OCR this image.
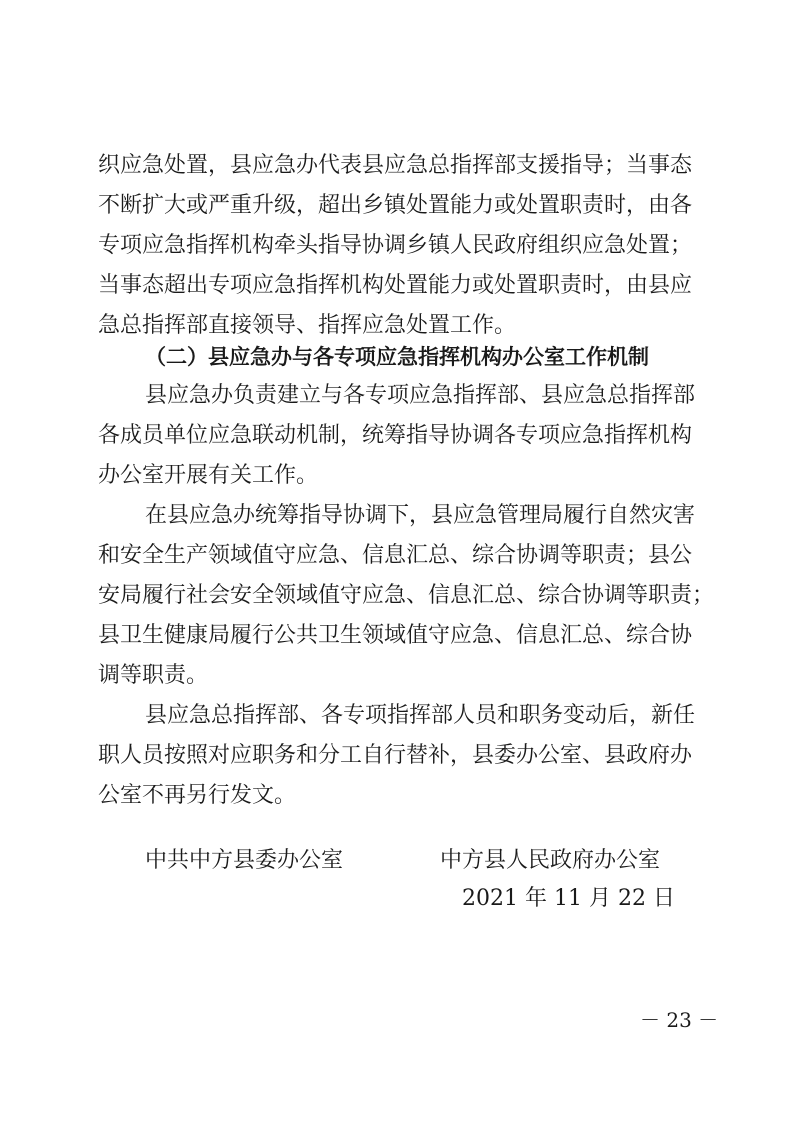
织应急处置，县应急办代表县应急总指挥部支援指导；当事态
不断扩大或严重升级，超出乡镇处置能力或处置职责时，由各
专项应急指挥机构牵头指导协调乡镇人民政府组织应急处置；
当事态超出专项应急指挥机构处置能力或处置职责时，由县应
急总指挥部直接领导、指挥应急处置工作。
（二）县应急办与各专项应急指挥机构办公室工作机制
县应急办负责建立与各专项应急指挥部、县应急总指挥部
各成员单位应急联动机制，统筹指导协调各专项应急指挥机构
办公室开展有关工作。
在县应急办统筹指导协调下，县应急管理局履行自然灾害
和安全生产领域值守应急、信息汇总、综合协调等职责；县公
安局履行社会安全领域值守应急、信息汇总、综合协调等职责；
县卫生健康局履行公共卫生领域值守应急、信息汇总、综合协
调等职责。
县应急总指挥部、各专项指挥部人员和职务变动后，新任
职人员按照对应职务和分工自行替补，县委办公室、县政府办
公室不再另行发文。
中共中方县委办公室	中方县人民政府办公室
2021 年 11 月 22 日
－ 23 －
